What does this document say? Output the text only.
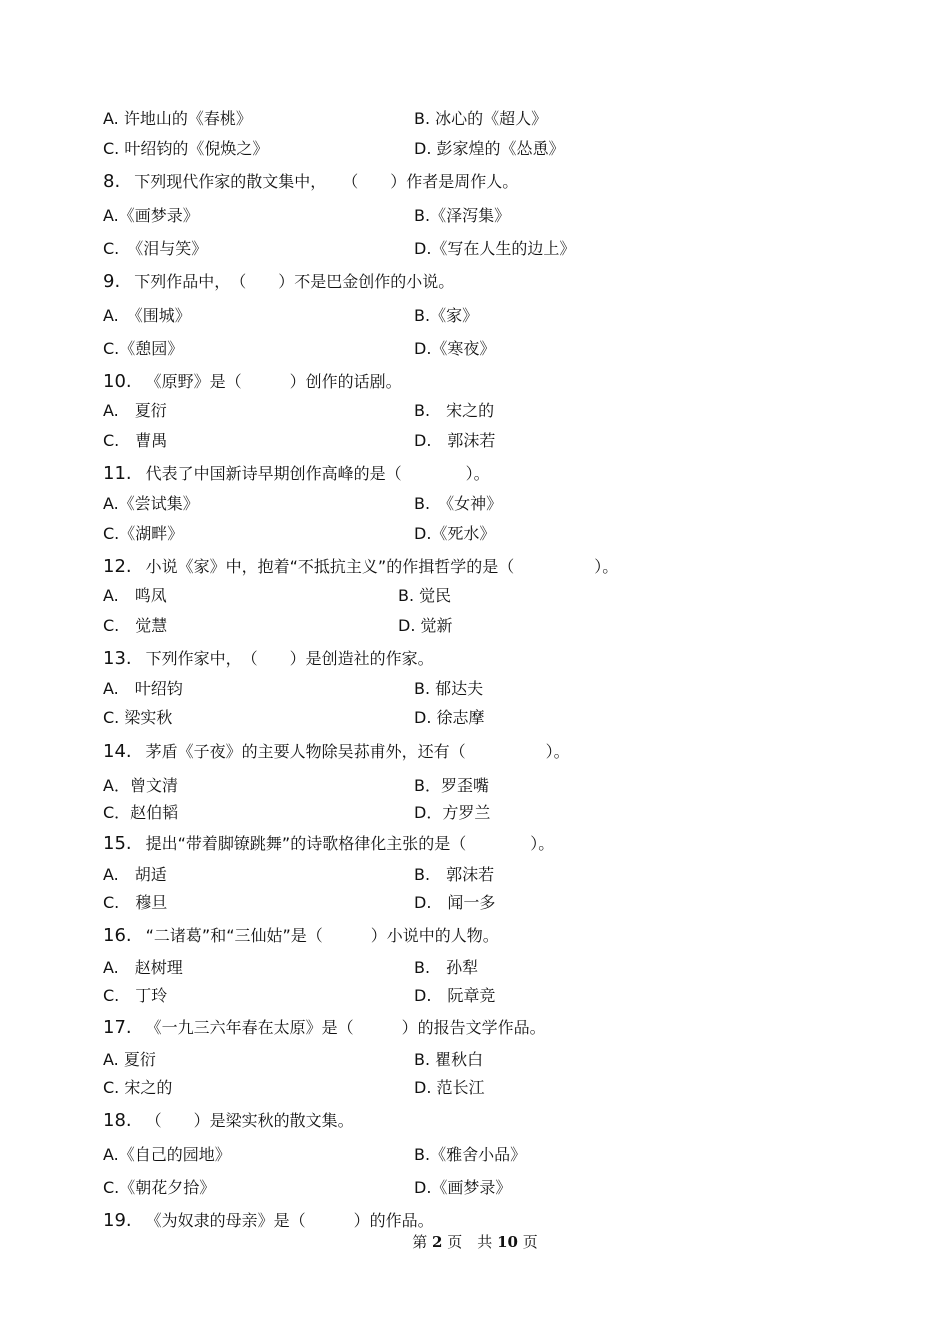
A. 许地山的《春桃》	B. 冰心的《超人》
C. 叶绍钧的《倪焕之》	D. 彭家煌的《怂恿》
8. 下列现代作家的散文集中，　　（　　）作者是周作人。
A.《画梦录》	B.《泽泻集》
C.　《泪与笑》	D.《写在人生的边上》
9. 下列作品中，　（　　）不是巴金创作的小说。
A.　《围城》	B.《家》
C.《憩园》	D.《寒夜》
10. 《原野》是（　　　）创作的话剧。
A.　夏衍	B.　宋之的
C.　曹禺	D.　郭沫若
11. 代表了中国新诗早期创作高峰的是（　　　　）。
A.《尝试集》	B.　《女神》
C.《湖畔》	D.《死水》
12. 小说《家》中，抱着“不抵抗主义”的作揖哲学的是（　　　　　）。
A.　鸣凤	B. 觉民
C.　觉慧	D. 觉新
13. 下列作家中，　（　　）是创造社的作家。
A.　叶绍钧	B. 郁达夫
C. 梁实秋	D. 徐志摩
14. 茅盾《子夜》的主要人物除吴荪甫外，还有（　　　　　）。
A．曾文清	B．罗歪嘴
C．赵伯韬	D．方罗兰
15. 提出“带着脚镣跳舞”的诗歌格律化主张的是（　　　　）。
A.　胡适	B.　郭沫若
C.　穆旦	D.　闻一多
16. “二诸葛”和“三仙姑”是（　　　）小说中的人物。
A.　赵树理	B.　孙犁
C.　丁玲	D.　阮章竞
17. 《一九三六年春在太原》是（　　　）的报告文学作品。
A. 夏衍	B. 瞿秋白
C. 宋之的	D. 范长江
18. （　　）是梁实秋的散文集。
A.《自己的园地》	B.《雅舍小品》
C.《朝花夕拾》	D.《画梦录》
19. 《为奴隶的母亲》是（　　　）的作品。
第 2 页　共 10 页
